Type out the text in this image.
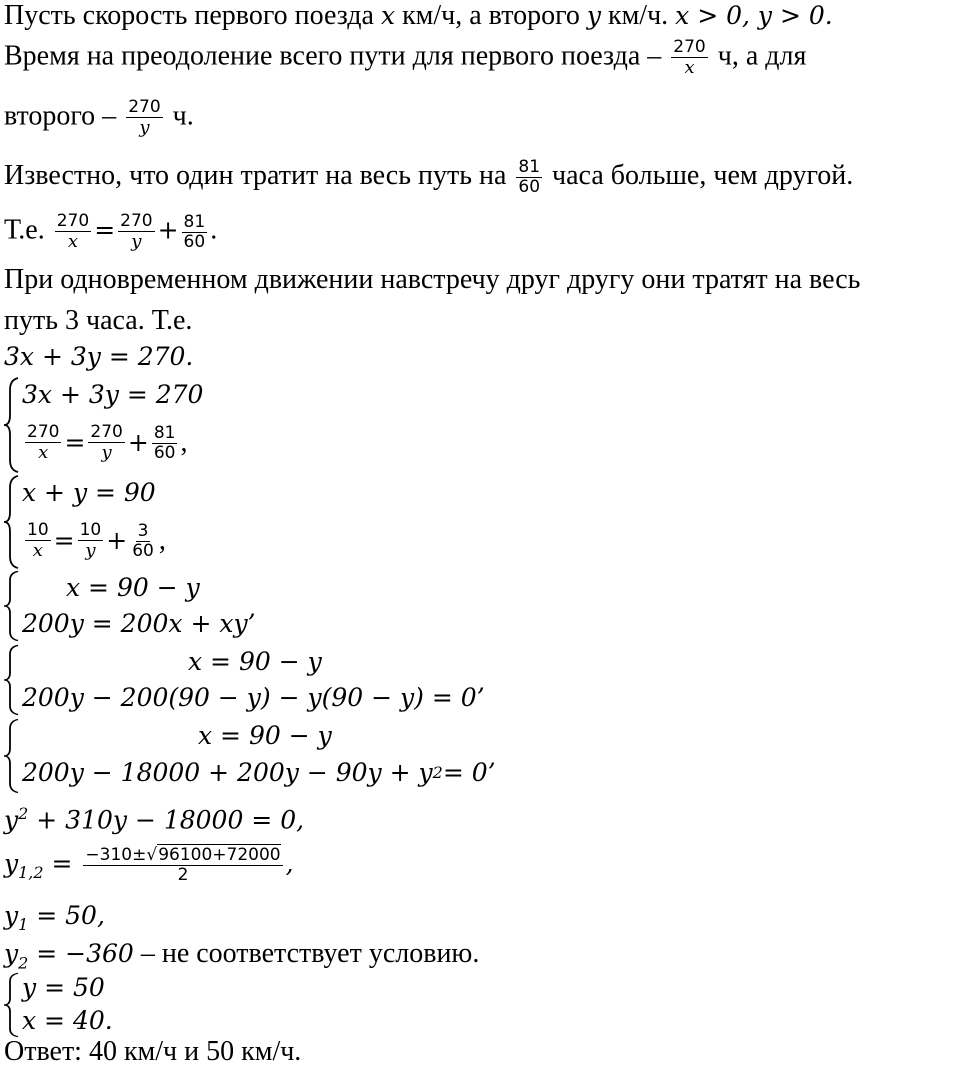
Пусть скорость первого поезда x км/ч, а второго y км/ч. x > 0, y > 0.
Время на преодоление всего пути для первого поезда – $\frac{270}{x} ч$, а для
второго – $\frac{270}{y} ч$.
Известно, что один тратит на весь путь на $\frac{81}{60}$ часа больше, чем другой.
Т.е. $\frac{270}{x} = \frac{270}{y} + \frac{81}{60}$ .
При одновременном движении навстречу друг другу они тратят на весь
путь 3 часа. Т.е.
3x + 3y = 270.
3x + 3y = 270
$\frac{270}{x} = \frac{270}{y} + \frac{81}{60}$ ,
x + y = 90
$\frac{10}{x} = \frac{10}{y} + \frac{3}{60}$ ,
x = 90 − y
200y = 200x + xy’
x = 90 − y
200y − 200(90 − y) − y(90 − y) = 0’
x = 90 − y
200y − 18000 + 200y − 90y + y 2 = 0’
$y^2 + 310y - 18000 = 0$,
$y_{1,2} = \frac{-310\pm√96100+72000}{2}$ ,
$y_1 = 50$,
$y_2 = -360$ – не соответствует условию.
y = 50
x = 40 .
Ответ: 40 км/ч и 50 км/ч.
